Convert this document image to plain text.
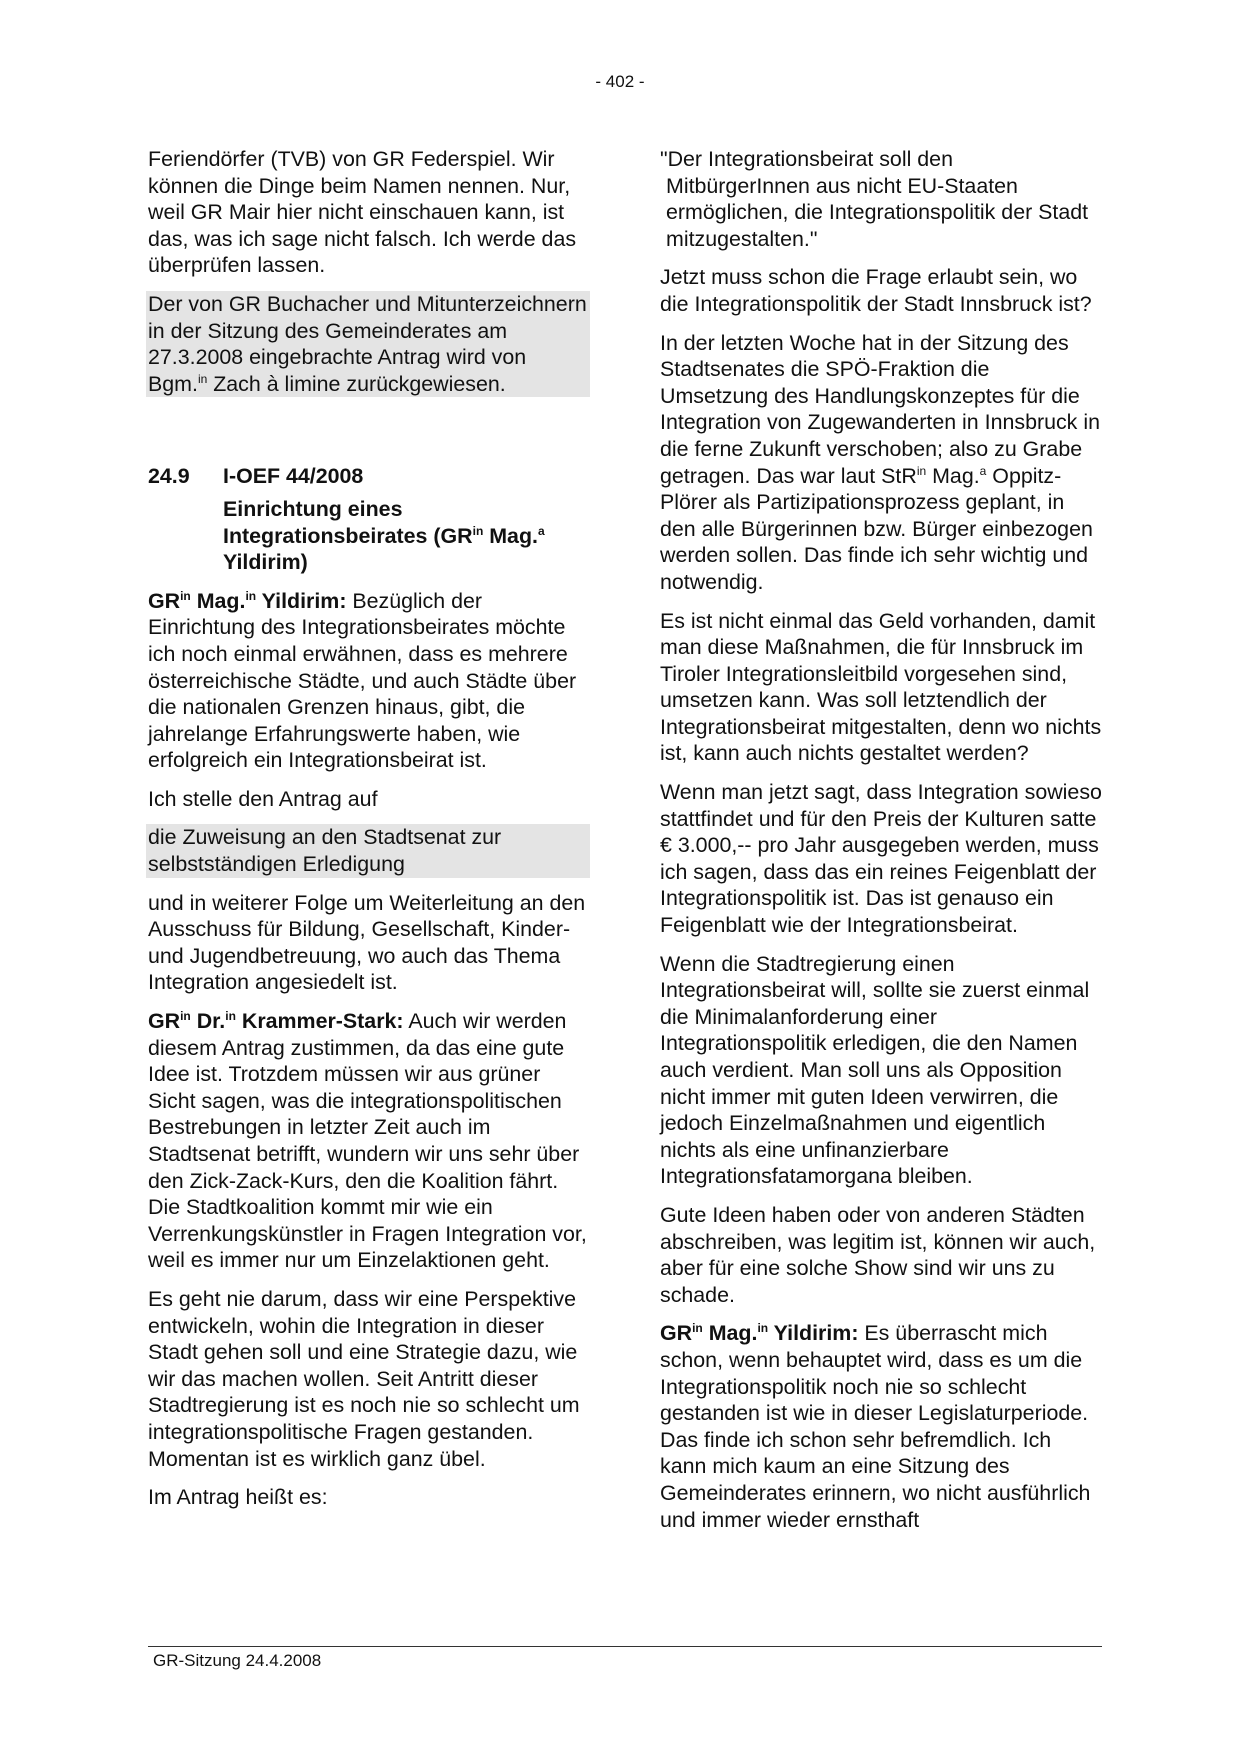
- 402 -

Feriendörfer (TVB) von GR Federspiel. Wir können die Dinge beim Namen nennen. Nur, weil GR Mair hier nicht einschauen kann, ist das, was ich sage nicht falsch. Ich werde das überprüfen lassen.

Der von GR Buchacher und Mitunterzeichnern in der Sitzung des Gemeinderates am 27.3.2008 eingebrachte Antrag wird von Bgm.$^{in}$ Zach à limine zurückgewiesen.

24.9	I-OEF 44/2008

Einrichtung eines Integrationsbeirates ($GR^{in}$ Mag.$^a$ Yildirim)

$GR^{in}$ Mag.$^{in}$ Yildirim: Bezüglich der Einrichtung des Integrationsbeirates möchte ich noch einmal erwähnen, dass es mehrere österreichische Städte, und auch Städte über die nationalen Grenzen hinaus, gibt, die jahrelange Erfahrungswerte haben, wie erfolgreich ein Integrationsbeirat ist.

Ich stelle den Antrag auf

die Zuweisung an den Stadtsenat zur selbstständigen Erledigung

und in weiterer Folge um Weiterleitung an den Ausschuss für Bildung, Gesellschaft, Kinder- und Jugendbetreuung, wo auch das Thema Integration angesiedelt ist.

$GR^{in}$ Dr.$^{in}$ Krammer-Stark: Auch wir werden diesem Antrag zustimmen, da das eine gute Idee ist. Trotzdem müssen wir aus grüner Sicht sagen, was die integrationspolitischen Bestrebungen in letzter Zeit auch im Stadtsenat betrifft, wundern wir uns sehr über den Zick-Zack-Kurs, den die Koalition fährt. Die Stadtkoalition kommt mir wie ein Verrenkungskünstler in Fragen Integration vor, weil es immer nur um Einzelaktionen geht.

Es geht nie darum, dass wir eine Perspektive entwickeln, wohin die Integration in dieser Stadt gehen soll und eine Strategie dazu, wie wir das machen wollen. Seit Antritt dieser Stadtregierung ist es noch nie so schlecht um integrationspolitische Fragen gestanden. Momentan ist es wirklich ganz übel.

Im Antrag heißt es:

"Der Integrationsbeirat soll den MitbürgerInnen aus nicht EU-Staaten ermöglichen, die Integrationspolitik der Stadt mitzugestalten."

Jetzt muss schon die Frage erlaubt sein, wo die Integrationspolitik der Stadt Innsbruck ist?

In der letzten Woche hat in der Sitzung des Stadtsenates die SPÖ-Fraktion die Umsetzung des Handlungskonzeptes für die Integration von Zugewanderten in Innsbruck in die ferne Zukunft verschoben; also zu Grabe getragen. Das war laut StR$^{in}$ Mag.$^a$ Oppitz-Plörer als Partizipationsprozess geplant, in den alle Bürgerinnen bzw. Bürger einbezogen werden sollen. Das finde ich sehr wichtig und notwendig.

Es ist nicht einmal das Geld vorhanden, damit man diese Maßnahmen, die für Innsbruck im Tiroler Integrationsleitbild vorgesehen sind, umsetzen kann. Was soll letztendlich der Integrationsbeirat mitgestalten, denn wo nichts ist, kann auch nichts gestaltet werden?

Wenn man jetzt sagt, dass Integration sowieso stattfindet und für den Preis der Kulturen satte € 3.000,-- pro Jahr ausgegeben werden, muss ich sagen, dass das ein reines Feigenblatt der Integrationspolitik ist. Das ist genauso ein Feigenblatt wie der Integrationsbeirat.

Wenn die Stadtregierung einen Integrationsbeirat will, sollte sie zuerst einmal die Minimalanforderung einer Integrationspolitik erledigen, die den Namen auch verdient. Man soll uns als Opposition nicht immer mit guten Ideen verwirren, die jedoch Einzelmaßnahmen und eigentlich nichts als eine unfinanzierbare Integrationsfatamorgana bleiben.

Gute Ideen haben oder von anderen Städten abschreiben, was legitim ist, können wir auch, aber für eine solche Show sind wir uns zu schade.

$GR^{in}$ Mag.$^{in}$ Yildirim: Es überrascht mich schon, wenn behauptet wird, dass es um die Integrationspolitik noch nie so schlecht gestanden ist wie in dieser Legislaturperiode. Das finde ich schon sehr befremdlich. Ich kann mich kaum an eine Sitzung des Gemeinderates erinnern, wo nicht ausführlich und immer wieder ernsthaft

GR-Sitzung 24.4.2008
